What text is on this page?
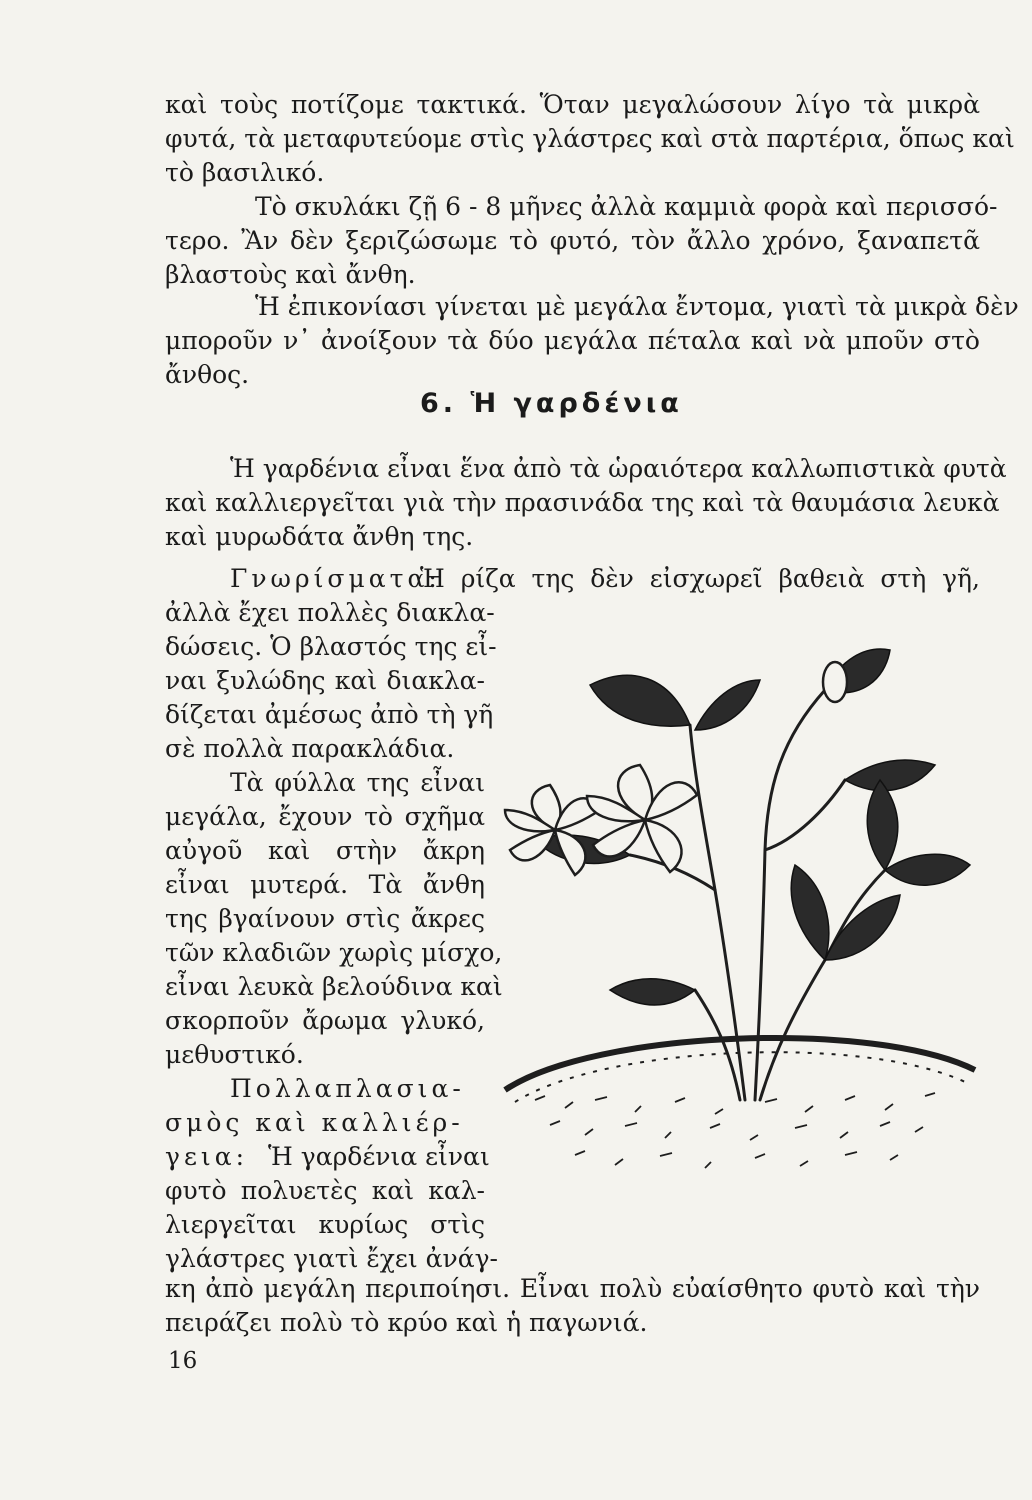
καὶ τοὺς ποτίζομε τακτικά. Ὅταν μεγαλώσουν λίγο τὰ μικρὰ
φυτά, τὰ μεταφυτεύομε στὶς γλάστρες καὶ στὰ παρτέρια, ὅπως καὶ
τὸ βασιλικό.
Τὸ σκυλάκι ζῇ 6 - 8 μῆνες ἀλλὰ καμμιὰ φορὰ καὶ περισσό-
τερο. Ἂν δὲν ξεριζώσωμε τὸ φυτό, τὸν ἄλλο χρόνο, ξαναπετᾶ
βλαστοὺς καὶ ἄνθη.
Ἡ ἐπικονίασι γίνεται μὲ μεγάλα ἔντομα, γιατὶ τὰ μικρὰ δὲν
μποροῦν ν᾿ ἀνοίξουν τὰ δύο μεγάλα πέταλα καὶ νὰ μποῦν στὸ
ἄνθος.
6. Ἡ γαρδένια
Ἡ γαρδένια εἶναι ἕνα ἀπὸ τὰ ὡραιότερα καλλωπιστικὰ φυτὰ
καὶ καλλιεργεῖται γιὰ τὴν πρασινάδα της καὶ τὰ θαυμάσια λευκὰ
καὶ μυρωδάτα ἄνθη της.
Γνωρίσματα:
Ἡ ρίζα της δὲν εἰσχωρεῖ βαθειὰ στὴ γῆ,
ἀλλὰ ἔχει πολλὲς διακλα-
δώσεις. Ὁ βλαστός της εἶ-
ναι ξυλώδης καὶ διακλα-
δίζεται ἀμέσως ἀπὸ τὴ γῆ
σὲ πολλὰ παρακλάδια.
Τὰ φύλλα της εἶναι
μεγάλα, ἔχουν τὸ σχῆμα
αὐγοῦ καὶ στὴν ἄκρη
εἶναι μυτερά. Τὰ ἄνθη
της βγαίνουν στὶς ἄκρες
τῶν κλαδιῶν χωρὶς μίσχο,
εἶναι λευκὰ βελούδινα καὶ
σκορποῦν ἄρωμα γλυκό,
μεθυστικό.
Πολλαπλασια-
σμὸς καὶ καλλιέρ-
γεια: Ἡ γαρδένια εἶναι
φυτὸ πολυετὲς καὶ καλ-
λιεργεῖται κυρίως στὶς
γλάστρες γιατὶ ἔχει ἀνάγ-
κη ἀπὸ μεγάλη περιποίησι. Εἶναι πολὺ εὐαίσθητο φυτὸ καὶ τὴν
πειράζει πολὺ τὸ κρύο καὶ ἡ παγωνιά.
16
